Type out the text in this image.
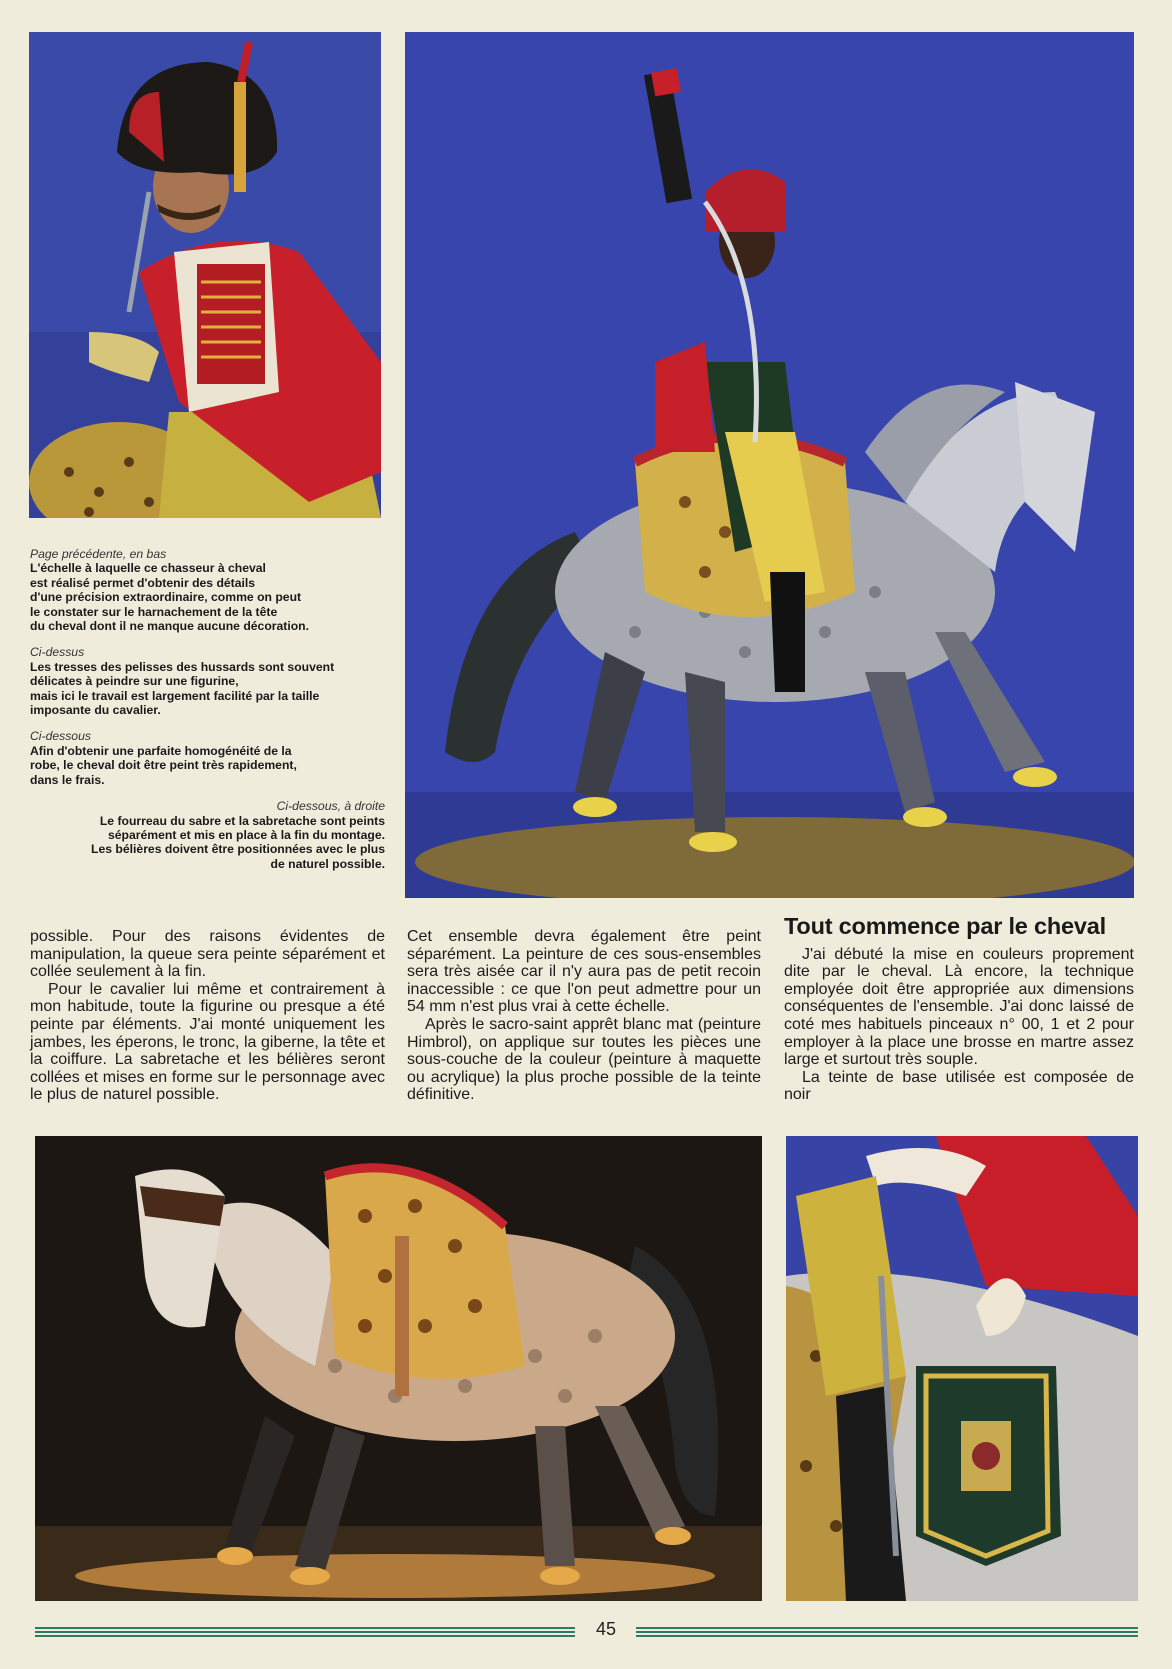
Page précédente, en bas
L'échelle à laquelle ce chasseur à cheval
est réalisé permet d'obtenir des détails
d'une précision extraordinaire, comme on peut
le constater sur le harnachement de la tête
du cheval dont il ne manque aucune décoration.
Ci-dessus
Les tresses des pelisses des hussards sont souvent
délicates à peindre sur une figurine,
mais ici le travail est largement facilité par la taille
imposante du cavalier.
Ci-dessous
Afin d'obtenir une parfaite homogénéité de la
robe, le cheval doit être peint très rapidement,
dans le frais.
Ci-dessous, à droite
Le fourreau du sabre et la sabretache sont peints
séparément et mis en place à la fin du montage.
Les bélières doivent être positionnées avec le plus
de naturel possible.

possible. Pour des raisons évidentes de manipulation, la queue sera peinte séparément et collée seulement à la fin.

Pour le cavalier lui même et contrairement à mon habitude, toute la figurine ou presque a été peinte par éléments. J'ai monté uniquement les jambes, les éperons, le tronc, la giberne, la tête et la coiffure. La sabretache et les bélières seront collées et mises en forme sur le personnage avec le plus de naturel possible.

Cet ensemble devra également être peint séparément. La peinture de ces sous-ensembles sera très aisée car il n'y aura pas de petit recoin inaccessible : ce que l'on peut admettre pour un 54 mm n'est plus vrai à cette échelle.

Après le sacro-saint apprêt blanc mat (peinture Himbrol), on applique sur toutes les pièces une sous-couche de la couleur (peinture à maquette ou acrylique) la plus proche possible de la teinte définitive.

Tout commence par le cheval

J'ai débuté la mise en couleurs proprement dite par le cheval. Là encore, la technique employée doit être appropriée aux dimensions conséquentes de l'ensemble. J'ai donc laissé de coté mes habituels pinceaux n° 00, 1 et 2 pour employer à la place une brosse en martre assez large et surtout très souple.

La teinte de base utilisée est composée de noir

45
